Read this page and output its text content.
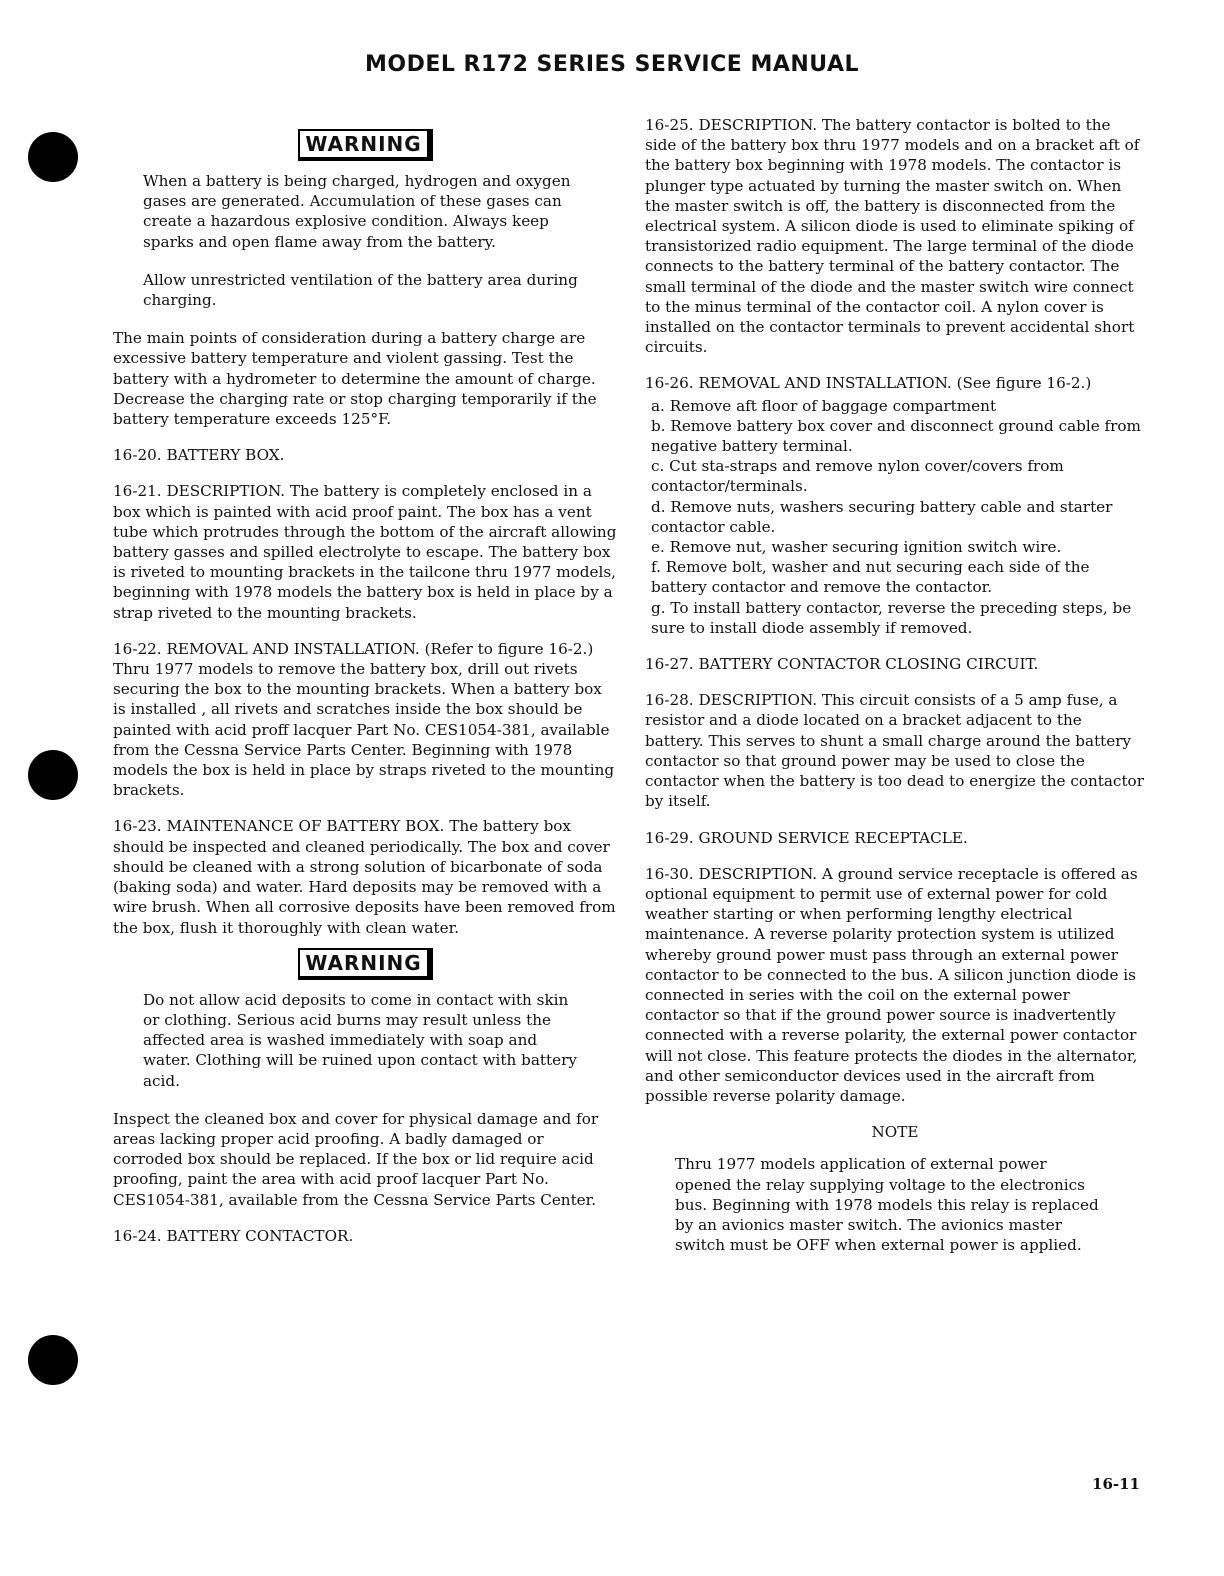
MODEL R172 SERIES SERVICE MANUAL
WARNING

When a battery is being charged, hydrogen and oxygen gases are generated. Accumulation of these gases can create a hazardous explosive condition. Always keep sparks and open flame away from the battery.

Allow unrestricted ventilation of the battery area during charging.

The main points of consideration during a battery charge are excessive battery temperature and violent gassing. Test the battery with a hydrometer to determine the amount of charge. Decrease the charging rate or stop charging temporarily if the battery temperature exceeds 125°F.

16-20. BATTERY BOX.

16-21. DESCRIPTION. The battery is completely enclosed in a box which is painted with acid proof paint. The box has a vent tube which protrudes through the bottom of the aircraft allowing battery gasses and spilled electrolyte to escape. The battery box is riveted to mounting brackets in the tailcone thru 1977 models, beginning with 1978 models the battery box is held in place by a strap riveted to the mounting brackets.

16-22. REMOVAL AND INSTALLATION. (Refer to figure 16-2.) Thru 1977 models to remove the battery box, drill out rivets securing the box to the mounting brackets. When a battery box is installed , all rivets and scratches inside the box should be painted with acid proff lacquer Part No. CES1054-381, available from the Cessna Service Parts Center. Beginning with 1978 models the box is held in place by straps riveted to the mounting brackets.

16-23. MAINTENANCE OF BATTERY BOX. The battery box should be inspected and cleaned periodically. The box and cover should be cleaned with a strong solution of bicarbonate of soda (baking soda) and water. Hard deposits may be removed with a wire brush. When all corrosive deposits have been removed from the box, flush it thoroughly with clean water.

WARNING

Do not allow acid deposits to come in contact with skin or clothing. Serious acid burns may result unless the affected area is washed immediately with soap and water. Clothing will be ruined upon contact with battery acid.

Inspect the cleaned box and cover for physical damage and for areas lacking proper acid proofing. A badly damaged or corroded box should be replaced. If the box or lid require acid proofing, paint the area with acid proof lacquer Part No. CES1054-381, available from the Cessna Service Parts Center.

16-24. BATTERY CONTACTOR.

16-25. DESCRIPTION. The battery contactor is bolted to the side of the battery box thru 1977 models and on a bracket aft of the battery box beginning with 1978 models. The contactor is plunger type actuated by turning the master switch on. When the master switch is off, the battery is disconnected from the electrical system. A silicon diode is used to eliminate spiking of transistorized radio equipment. The large terminal of the diode connects to the battery terminal of the battery contactor. The small terminal of the diode and the master switch wire connect to the minus terminal of the contactor coil. A nylon cover is installed on the contactor terminals to prevent accidental short circuits.

16-26. REMOVAL AND INSTALLATION. (See figure 16-2.)

a. Remove aft floor of baggage compartment

b. Remove battery box cover and disconnect ground cable from negative battery terminal.

c. Cut sta-straps and remove nylon cover/covers from contactor/terminals.

d. Remove nuts, washers securing battery cable and starter contactor cable.

e. Remove nut, washer securing ignition switch wire.

f. Remove bolt, washer and nut securing each side of the battery contactor and remove the contactor.

g. To install battery contactor, reverse the preceding steps, be sure to install diode assembly if removed.

16-27. BATTERY CONTACTOR CLOSING CIRCUIT.

16-28. DESCRIPTION. This circuit consists of a 5 amp fuse, a resistor and a diode located on a bracket adjacent to the battery. This serves to shunt a small charge around the battery contactor so that ground power may be used to close the contactor when the battery is too dead to energize the contactor by itself.

16-29. GROUND SERVICE RECEPTACLE.

16-30. DESCRIPTION. A ground service receptacle is offered as optional equipment to permit use of external power for cold weather starting or when performing lengthy electrical maintenance. A reverse polarity protection system is utilized whereby ground power must pass through an external power contactor to be connected to the bus. A silicon junction diode is connected in series with the coil on the external power contactor so that if the ground power source is inadvertently connected with a reverse polarity, the external power contactor will not close. This feature protects the diodes in the alternator, and other semiconductor devices used in the aircraft from possible reverse polarity damage.

NOTE

Thru 1977 models application of external power opened the relay supplying voltage to the electronics bus. Beginning with 1978 models this relay is replaced by an avionics master switch. The avionics master switch must be OFF when external power is applied.

16-11
